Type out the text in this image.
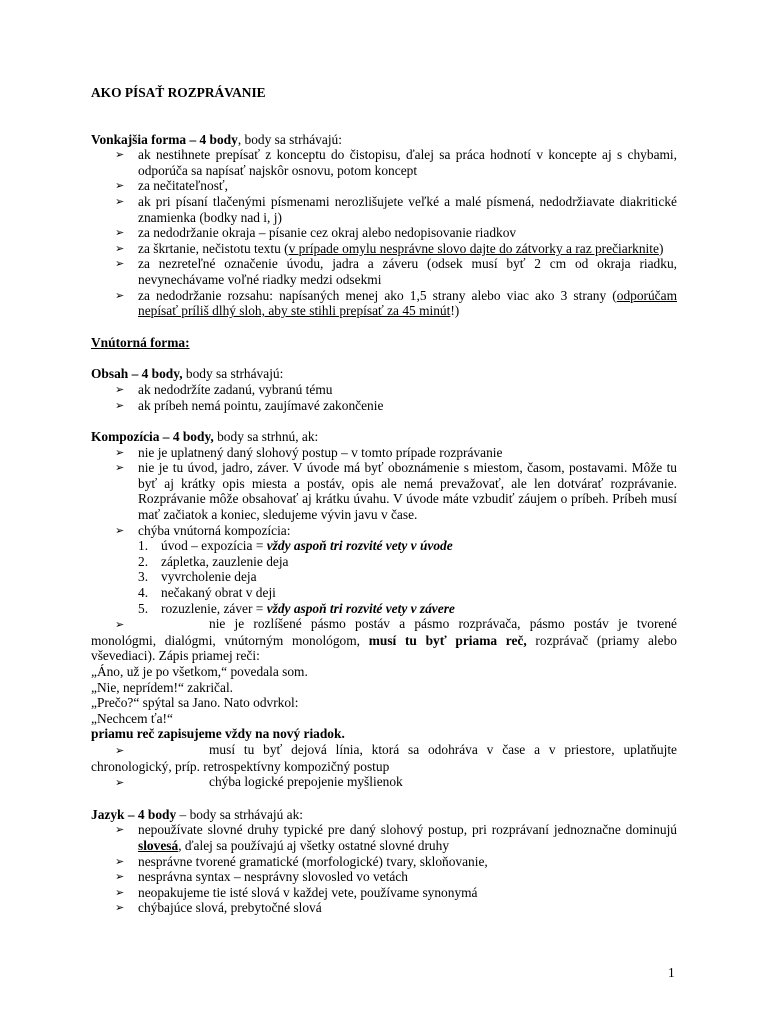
AKO PÍSAŤ ROZPRÁVANIE

Vonkajšia forma – 4 body, body sa strhávajú:

➢ ak nestihnete prepísať z konceptu do čistopisu, ďalej sa práca hodnotí v koncepte aj s chybami, odporúča sa napísať najskôr osnovu, potom koncept
➢ za nečitateľnosť,
➢ ak pri písaní tlačenými písmenami nerozlišujete veľké a malé písmená, nedodržiavate diakritické znamienka (bodky nad i, j)
➢ za nedodržanie okraja – písanie cez okraj alebo nedopisovanie riadkov
➢ za škrtanie, nečistotu textu (v prípade omylu nesprávne slovo dajte do zátvorky a raz prečiarknite)
➢ za nezreteľné označenie úvodu, jadra a záveru (odsek musí byť 2 cm od okraja riadku, nevynechávame voľné riadky medzi odsekmi
➢ za nedodržanie rozsahu: napísaných menej ako 1,5 strany alebo viac ako 3 strany (odporúčam nepísať príliš dlhý sloh, aby ste stihli prepísať za 45 minút!)

Vnútorná forma:

Obsah – 4 body, body sa strhávajú:

➢ ak nedodržíte zadanú, vybranú tému
➢ ak príbeh nemá pointu, zaujímavé zakončenie

Kompozícia – 4 body, body sa strhnú, ak:

➢ nie je uplatnený daný slohový postup – v tomto prípade rozprávanie
➢ nie je tu úvod, jadro, záver. V úvode má byť oboznámenie s miestom, časom, postavami. Môže tu byť aj krátky opis miesta a postáv, opis ale nemá prevažovať, ale len dotvárať rozprávanie. Rozprávanie môže obsahovať aj krátku úvahu. V úvode máte vzbudiť záujem o príbeh. Príbeh musí mať začiatok a koniec, sledujeme vývin javu v čase.
➢ chýba vnútorná kompozícia:
1. úvod – expozícia = vždy aspoň tri rozvité vety v úvode
2. zápletka, zauzlenie deja
3. vyvrcholenie deja
4. nečakaný obrat v deji
5. rozuzlenie, záver = vždy aspoň tri rozvité vety v závere

➢	nie je rozlíšené pásmo postáv a pásmo rozprávača, pásmo postáv je tvorené monológmi, dialógmi, vnútorným monológom, musí tu byť priama reč, rozprávač (priamy alebo vševediaci). Zápis priamej reči:

„Áno, už je po všetkom,“ povedala som.

„Nie, neprídem!“ zakričal.

„Prečo?“ spýtal sa Jano. Nato odvrkol:

„Nechcem ťa!“

priamu reč zapisujeme vždy na nový riadok.

➢	musí tu byť dejová línia, ktorá sa odohráva v čase a v priestore, uplatňujte chronologický, príp. retrospektívny kompozičný postup

➢	chýba logické prepojenie myšlienok

Jazyk – 4 body – body sa strhávajú ak:

➢ nepoužívate slovné druhy typické pre daný slohový postup, pri rozprávaní jednoznačne dominujú slovesá, ďalej sa používajú aj všetky ostatné slovné druhy
➢ nesprávne tvorené gramatické (morfologické) tvary, skloňovanie,
➢ nesprávna syntax – nesprávny slovosled vo vetách
➢ neopakujeme tie isté slová v každej vete, používame synonymá
➢ chýbajúce slová, prebytočné slová
1
